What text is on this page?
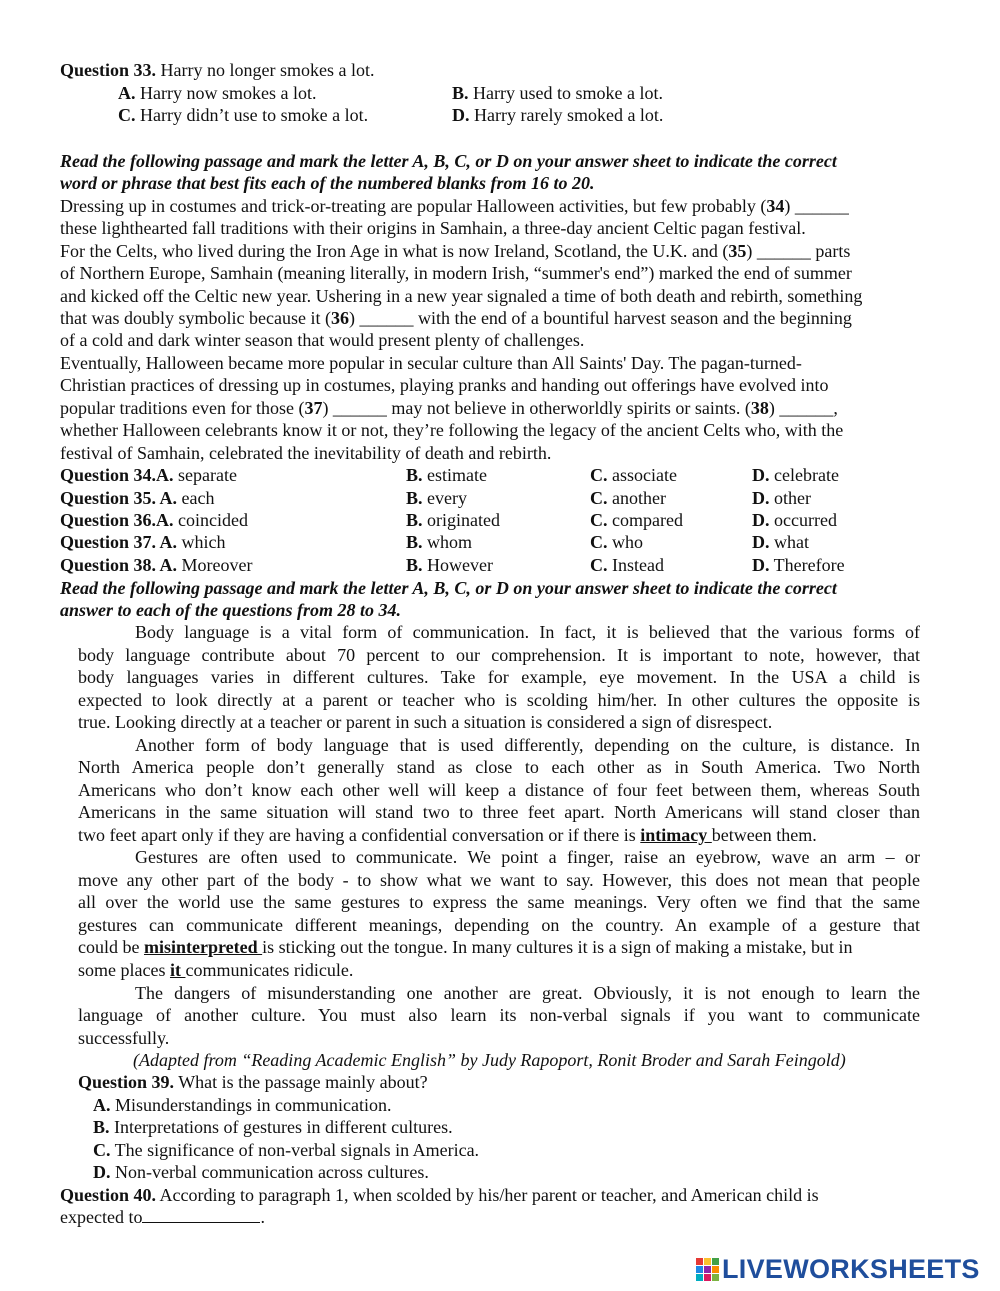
Question 33. Harry no longer smokes a lot.
A. Harry now smokes a lot.	B. Harry used to smoke a lot.
C. Harry didn’t use to smoke a lot.	D. Harry rarely smoked a lot.
Read the following passage and mark the letter A, B, C, or D on your answer sheet to indicate the correct
word or phrase that best fits each of the numbered blanks from 16 to 20.
Dressing up in costumes and trick-or-treating are popular Halloween activities, but few probably (34) ______
these lighthearted fall traditions with their origins in Samhain, a three-day ancient Celtic pagan festival.
For the Celts, who lived during the Iron Age in what is now Ireland, Scotland, the U.K. and (35) ______ parts
of Northern Europe, Samhain (meaning literally, in modern Irish, “summer's end”) marked the end of summer
and kicked off the Celtic new year. Ushering in a new year signaled a time of both death and rebirth, something
that was doubly symbolic because it (36) ______ with the end of a bountiful harvest season and the beginning
of a cold and dark winter season that would present plenty of challenges.
Eventually, Halloween became more popular in secular culture than All Saints' Day. The pagan-turned-
Christian practices of dressing up in costumes, playing pranks and handing out offerings have evolved into
popular traditions even for those (37) ______ may not believe in otherworldly spirits or saints. (38) ______,
whether Halloween celebrants know it or not, they’re following the legacy of the ancient Celts who, with the
festival of Samhain, celebrated the inevitability of death and rebirth.
Question 34.A. separate	B. estimate	C. associate	D. celebrate
Question 35. A. each	B. every	C. another	D. other
Question 36.A. coincided	B. originated	C. compared	D. occurred
Question 37. A. which	B. whom	C. who	D. what
Question 38. A. Moreover	B. However	C. Instead	D. Therefore
Read the following passage and mark the letter A, B, C, or D on your answer sheet to indicate the correct
answer to each of the questions from 28 to 34.
Body language is a vital form of communication. In fact, it is believed that the various forms of
body language contribute about 70 percent to our comprehension. It is important to note, however, that
body languages varies in different cultures. Take for example, eye movement. In the USA a child is
expected to look directly at a parent or teacher who is scolding him/her. In other cultures the opposite is
true. Looking directly at a teacher or parent in such a situation is considered a sign of disrespect.
Another form of body language that is used differently, depending on the culture, is distance. In
North America people don’t generally stand as close to each other as in South America. Two North
Americans who don’t know each other well will keep a distance of four feet between them, whereas South
Americans in the same situation will stand two to three feet apart. North Americans will stand closer than
two feet apart only if they are having a confidential conversation or if there is intimacy between them.
Gestures are often used to communicate. We point a finger, raise an eyebrow, wave an arm – or
move any other part of the body - to show what we want to say. However, this does not mean that people
all over the world use the same gestures to express the same meanings. Very often we find that the same
gestures can communicate different meanings, depending on the country. An example of a gesture that
could be misinterpreted is sticking out the tongue. In many cultures it is a sign of making a mistake, but in
some places it communicates ridicule.
The dangers of misunderstanding one another are great. Obviously, it is not enough to learn the
language of another culture. You must also learn its non-verbal signals if you want to communicate
successfully.
(Adapted from “Reading Academic English” by Judy Rapoport, Ronit Broder and Sarah Feingold)
Question 39. What is the passage mainly about?
A. Misunderstandings in communication.
B. Interpretations of gestures in different cultures.
C. The significance of non-verbal signals in America.
D. Non-verbal communication across cultures.
Question 40. According to paragraph 1, when scolded by his/her parent or teacher, and American child is
expected to	.
LIVEWORKSHEETS
